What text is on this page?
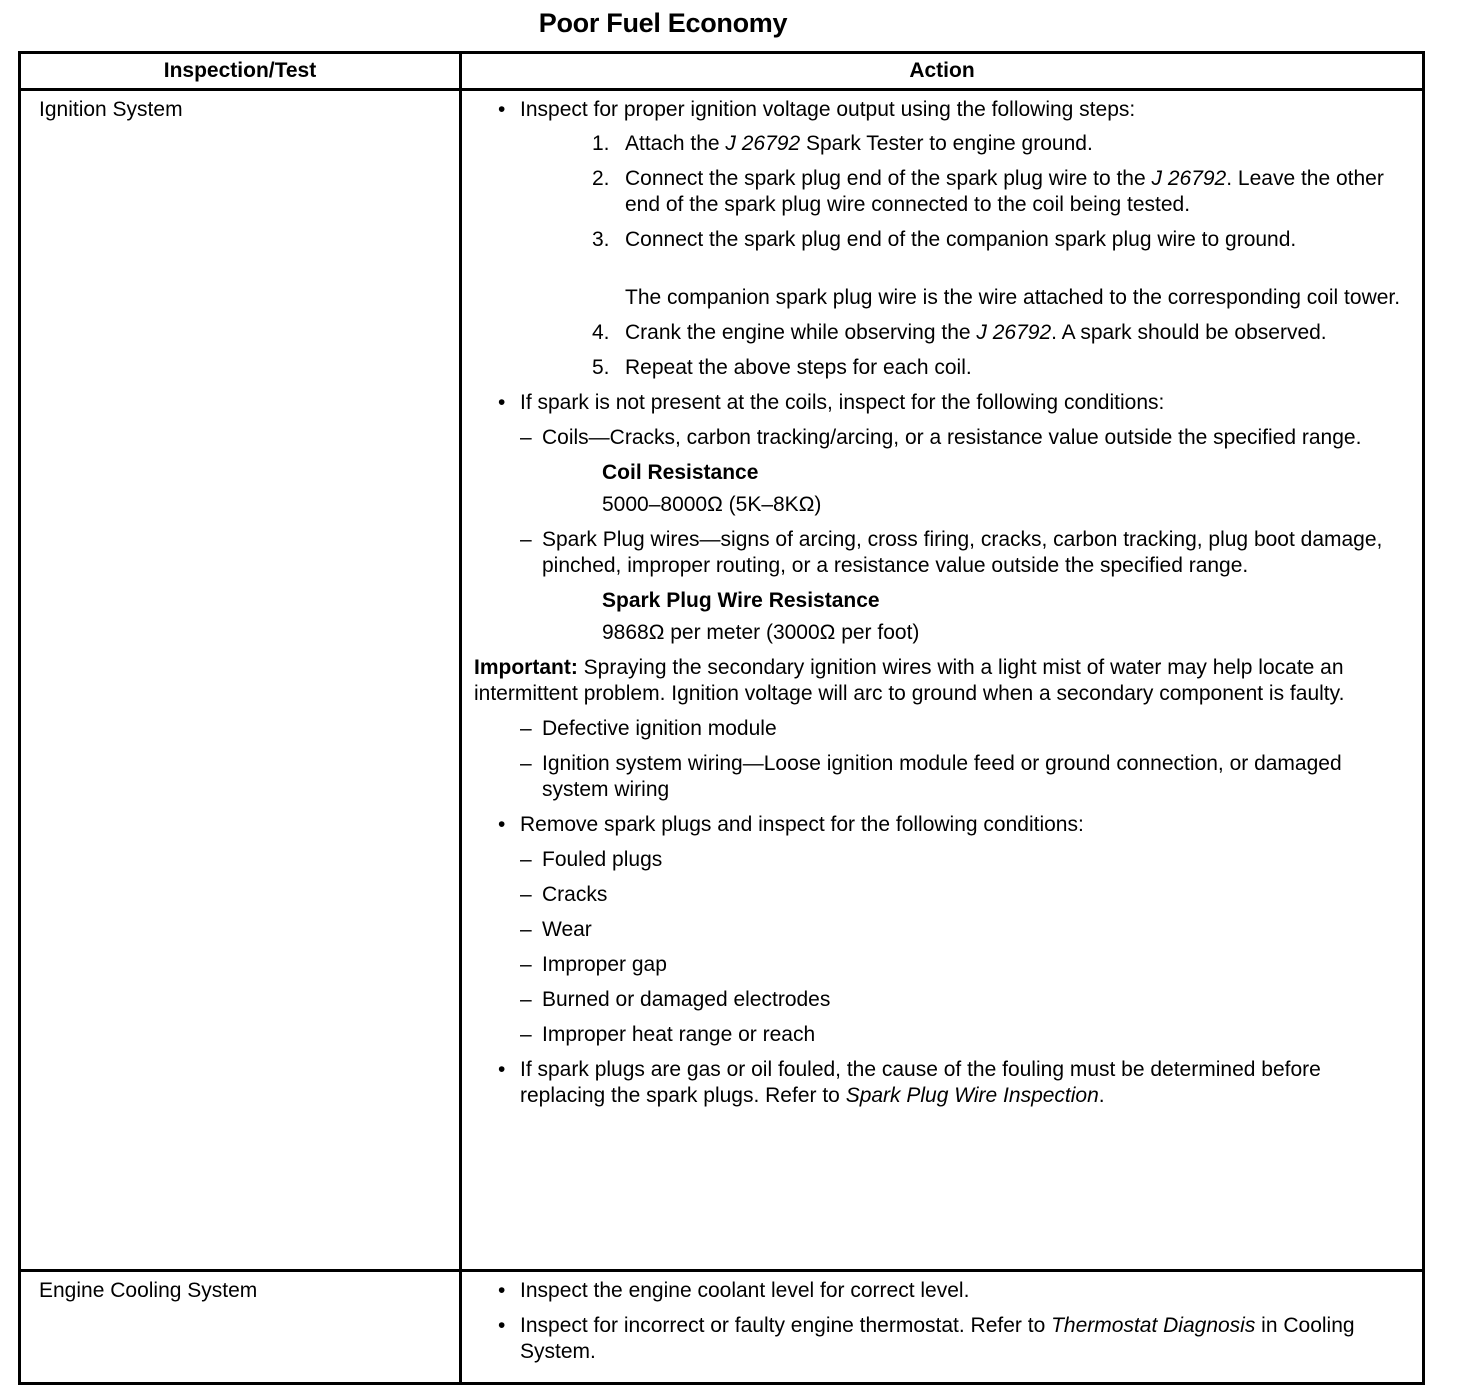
Poor Fuel Economy
Inspection/Test	Action
Ignition System	• Inspect for proper ignition voltage output using the following steps:
1. Attach the J 26792 Spark Tester to engine ground.
2. Connect the spark plug end of the spark plug wire to the J 26792. Leave the other end of the spark plug wire connected to the coil being tested.
3. Connect the spark plug end of the companion spark plug wire to ground.
The companion spark plug wire is the wire attached to the corresponding coil tower.
4. Crank the engine while observing the J 26792. A spark should be observed.
5. Repeat the above steps for each coil.
• If spark is not present at the coils, inspect for the following conditions:
– Coils—Cracks, carbon tracking/arcing, or a resistance value outside the specified range.
Coil Resistance
5000–8000Ω (5K–8KΩ)
– Spark Plug wires—signs of arcing, cross firing, cracks, carbon tracking, plug boot damage, pinched, improper routing, or a resistance value outside the specified range.
Spark Plug Wire Resistance
9868Ω per meter (3000Ω per foot)
Important: Spraying the secondary ignition wires with a light mist of water may help locate an intermittent problem. Ignition voltage will arc to ground when a secondary component is faulty.
– Defective ignition module
– Ignition system wiring—Loose ignition module feed or ground connection, or damaged system wiring
• Remove spark plugs and inspect for the following conditions:
– Fouled plugs
– Cracks
– Wear
– Improper gap
– Burned or damaged electrodes
– Improper heat range or reach
• If spark plugs are gas or oil fouled, the cause of the fouling must be determined before replacing the spark plugs. Refer to Spark Plug Wire Inspection.

Engine Cooling System	• Inspect the engine coolant level for correct level.
• Inspect for incorrect or faulty engine thermostat. Refer to Thermostat Diagnosis in Cooling System.
